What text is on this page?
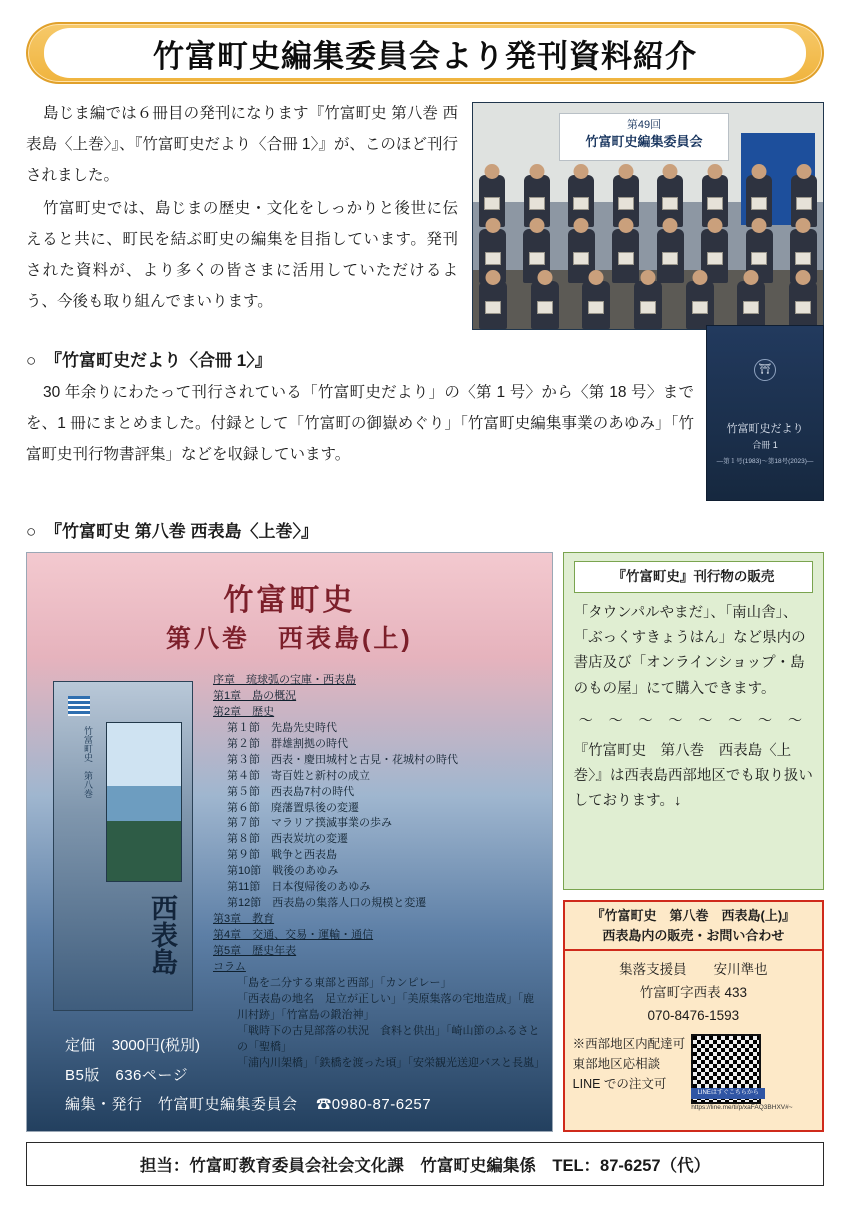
竹富町史編集委員会より発刊資料紹介

島じま編では６冊目の発刊になります『竹富町史 第八巻 西表島〈上巻〉』、『竹富町史だより〈合冊 1〉』が、このほど刊行されました。

竹富町史では、島じまの歴史・文化をしっかりと後世に伝えると共に、町民を結ぶ町史の編集を目指しています。発刊された資料が、より多くの皆さまに活用していただけるよう、今後も取り組んでまいります。

第49回
竹富町史編集委員会
○ 『竹富町史だより〈合冊 1〉』

30 年余りにわたって刊行されている「竹富町史だより」の〈第 1 号〉から〈第 18 号〉までを、1 冊にまとめました。付録として「竹富町の御嶽めぐり」「竹富町史編集事業のあゆみ」「竹富町史刊行物書評集」などを収録しています。

⛩
竹富町史だより
合冊 1
―第１号(1983)～第18号(2023)―
○ 『竹富町史 第八巻 西表島〈上巻〉』
竹富町史
第八巻　西表島(上)
竹富町史　第八巻
西表島
序章　琉球弧の宝庫・西表島
第1章　島の概況
第2章　歴史
第１節　先島先史時代
第２節　群雄割拠の時代
第３節　西表・慶田城村と古見・花城村の時代
第４節　寄百姓と新村の成立
第５節　西表島7村の時代
第６節　廃藩置県後の変遷
第７節　マラリア撲滅事業の歩み
第８節　西表炭坑の変遷
第９節　戦争と西表島
第10節　戦後のあゆみ
第11節　日本復帰後のあゆみ
第12節　西表島の集落人口の規模と変遷
第3章　教育
第4章　交通、交易・運輸・通信
第5章　歴史年表
コラム
「島を二分する東部と西部」「カンピレー」
「西表島の地名　足立が正しい」「美原集落の宅地造成」「鹿川村跡」「竹富島の鍛治神」
「戦時下の古見部落の状況　食料と供出」「崎山節のふるさとの「聖橋」
「浦内川架橋」「鉄橋を渡った頃」「安栄観光送迎バスと長嵐」
定価 3000円(税別)
B5版　636ページ
編集・発行　竹富町史編集委員会 ☎0980-87-6257
『竹富町史』刊行物の販売

「タウンパルやまだ」、「南山舎」、「ぶっくすきょうはん」など県内の書店及び「オンラインショップ・島のもの屋」にて購入できます。

〜 〜 〜 〜 〜 〜 〜 〜

『竹富町史　第八巻　西表島〈上巻〉』は西表島西部地区でも取り扱いしております。↓

『竹富町史　第八巻　西表島(上)』
西表島内の販売・お問い合わせ
集落支援員　　安川準也
竹富町字西表 433
070-8476-1593
※西部地区内配達可
東部地区応相談
LINE での注文可
LINEはすぐこちらから
https://line.me/ti/p/xaFAQ3BHXV#~
担当：竹富町教育委員会社会文化課　竹富町史編集係　TEL：87-6257（代）
